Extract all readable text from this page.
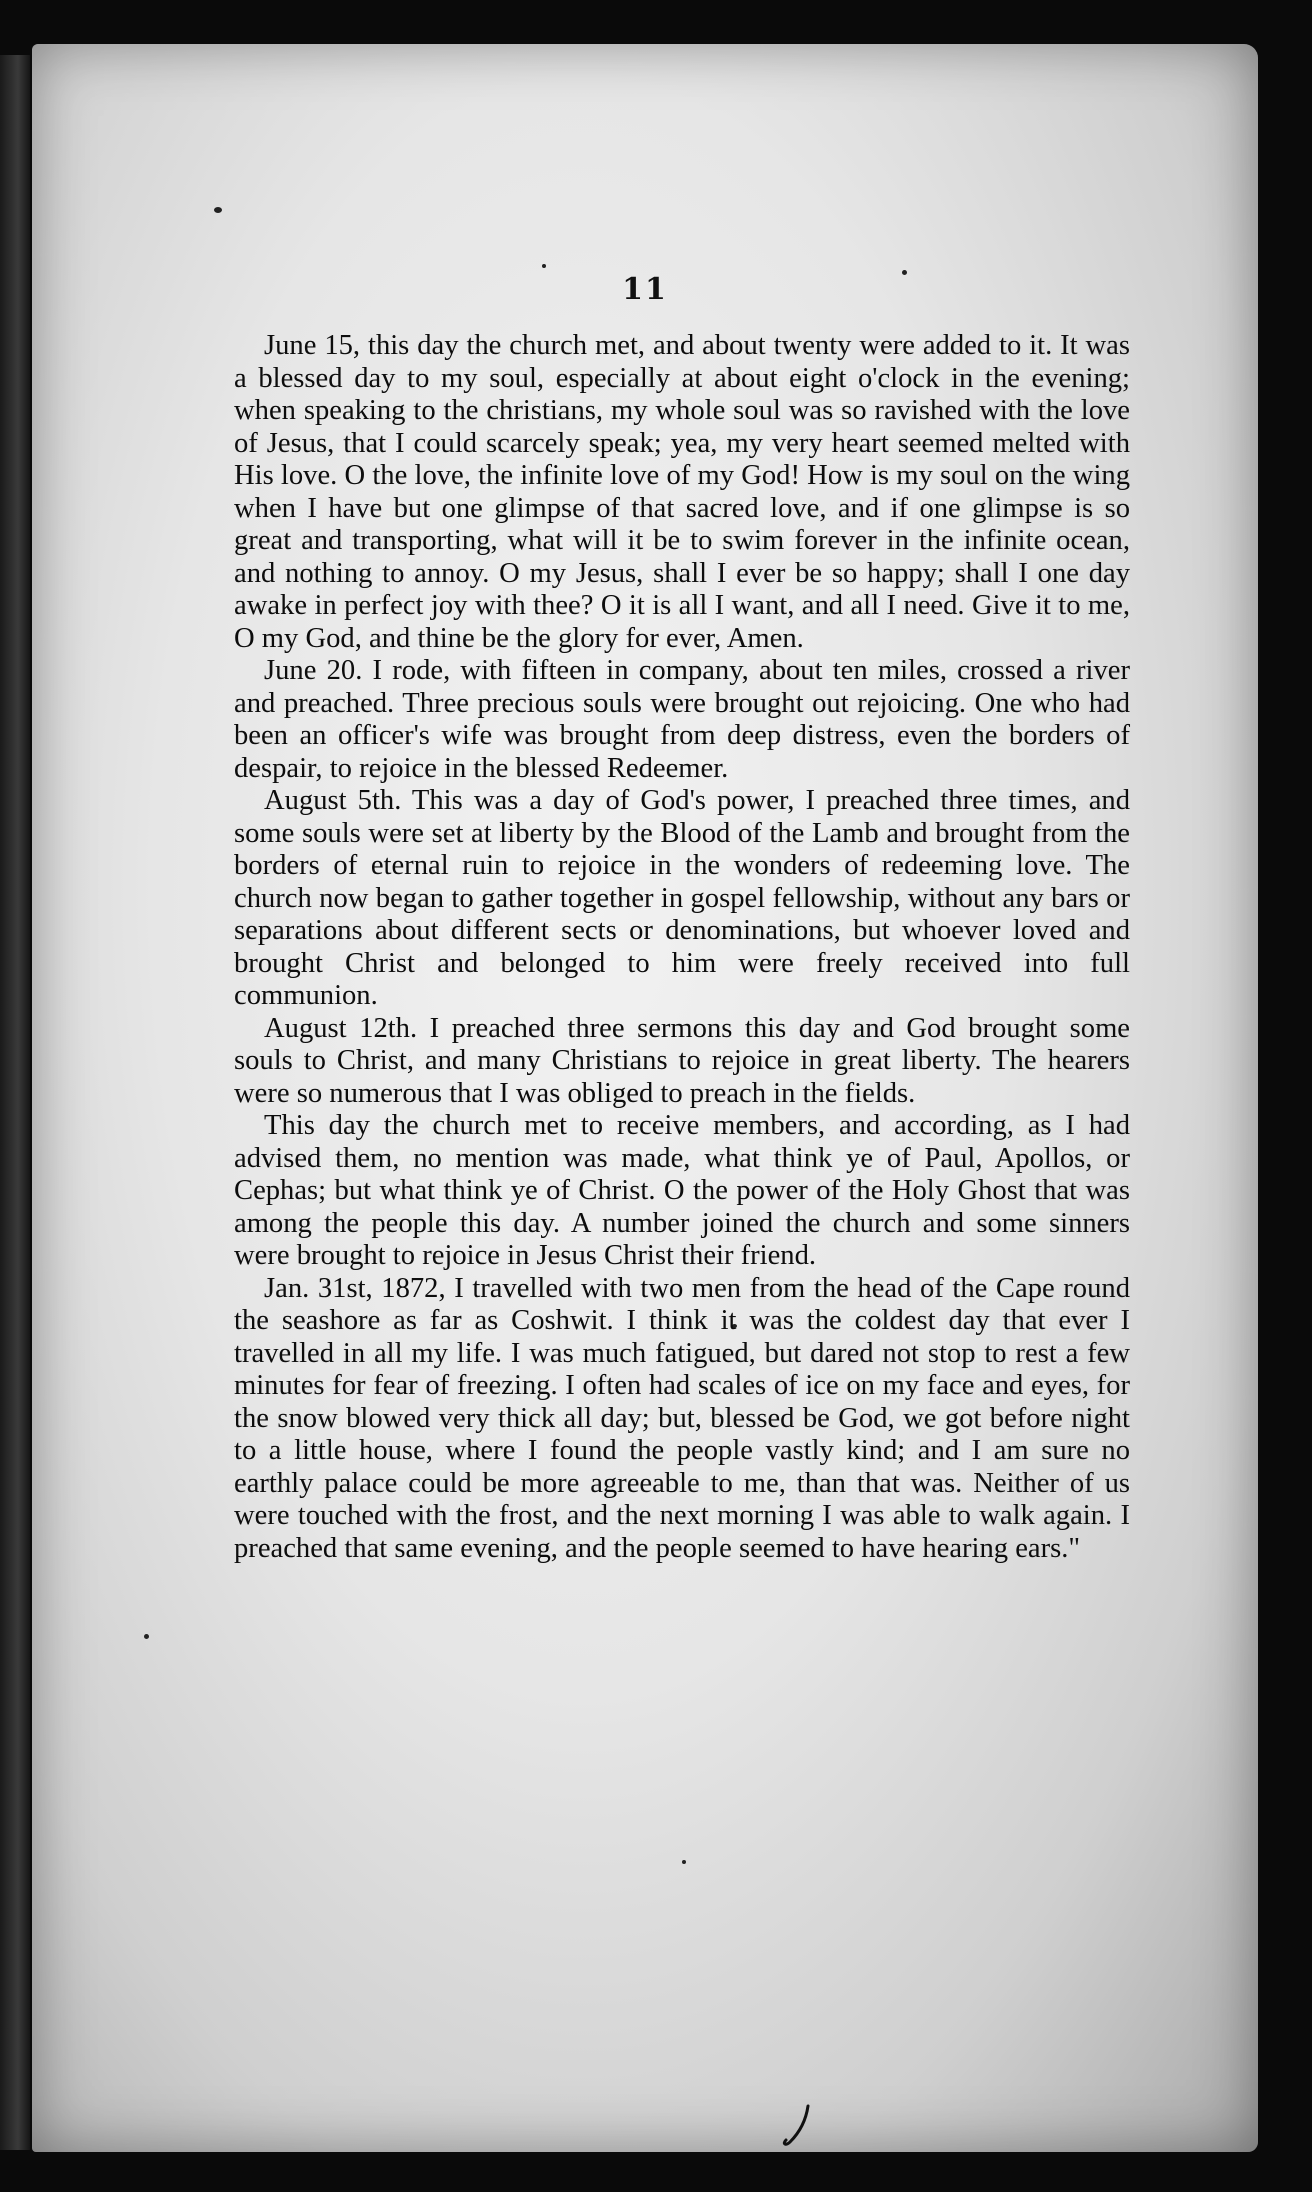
11

June 15, this day the church met, and about twenty were added to it. It was a blessed day to my soul, especially at about eight o'clock in the evening; when speaking to the christians, my whole soul was so ravished with the love of Jesus, that I could scarcely speak; yea, my very heart seemed melted with His love. O the love, the infinite love of my God! How is my soul on the wing when I have but one glimpse of that sacred love, and if one glimpse is so great and transporting, what will it be to swim forever in the infinite ocean, and nothing to annoy. O my Jesus, shall I ever be so happy; shall I one day awake in perfect joy with thee? O it is all I want, and all I need. Give it to me, O my God, and thine be the glory for ever, Amen.

June 20. I rode, with fifteen in company, about ten miles, crossed a river and preached. Three precious souls were brought out rejoicing. One who had been an officer's wife was brought from deep distress, even the borders of despair, to rejoice in the blessed Redeemer.

August 5th. This was a day of God's power, I preached three times, and some souls were set at liberty by the Blood of the Lamb and brought from the borders of eternal ruin to rejoice in the wonders of redeeming love. The church now began to gather together in gospel fellowship, without any bars or separations about different sects or denominations, but whoever loved and brought Christ and belonged to him were freely received into full communion.

August 12th. I preached three sermons this day and God brought some souls to Christ, and many Christians to rejoice in great liberty. The hearers were so numerous that I was obliged to preach in the fields.

This day the church met to receive members, and according, as I had advised them, no mention was made, what think ye of Paul, Apollos, or Cephas; but what think ye of Christ. O the power of the Holy Ghost that was among the people this day. A number joined the church and some sinners were brought to rejoice in Jesus Christ their friend.

Jan. 31st, 1872, I travelled with two men from the head of the Cape round the seashore as far as Coshwit. I think it was the coldest day that ever I travelled in all my life. I was much fatigued, but dared not stop to rest a few minutes for fear of freezing. I often had scales of ice on my face and eyes, for the snow blowed very thick all day; but, blessed be God, we got before night to a little house, where I found the people vastly kind; and I am sure no earthly palace could be more agreeable to me, than that was. Neither of us were touched with the frost, and the next morning I was able to walk again. I preached that same evening, and the people seemed to have hearing ears."
